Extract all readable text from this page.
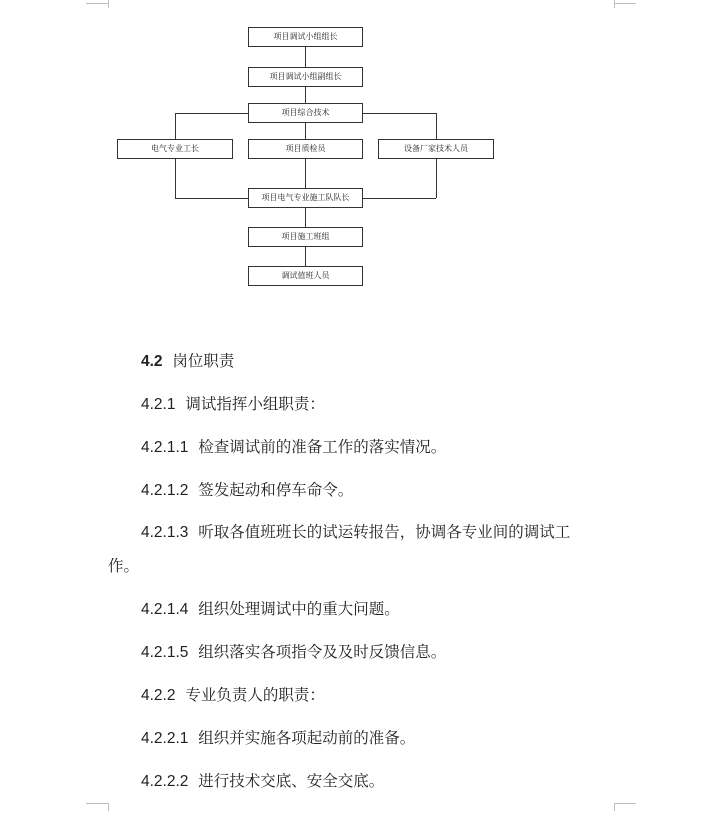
项目调试小组组长
项目调试小组副组长
项目综合技术
电气专业工长	项目质检员	设备厂家技术人员
项目电气专业施工队队长
项目施工班组
调试值班人员
4.2 岗位职责
4.2.1 调试指挥小组职责：
4.2.1.1 检查调试前的准备工作的落实情况。
4.2.1.2 签发起动和停车命令。
4.2.1.3 听取各值班班长的试运转报告，协调各专业间的调试工
作。
4.2.1.4 组织处理调试中的重大问题。
4.2.1.5 组织落实各项指令及及时反馈信息。
4.2.2 专业负责人的职责：
4.2.2.1 组织并实施各项起动前的准备。
4.2.2.2 进行技术交底、安全交底。
